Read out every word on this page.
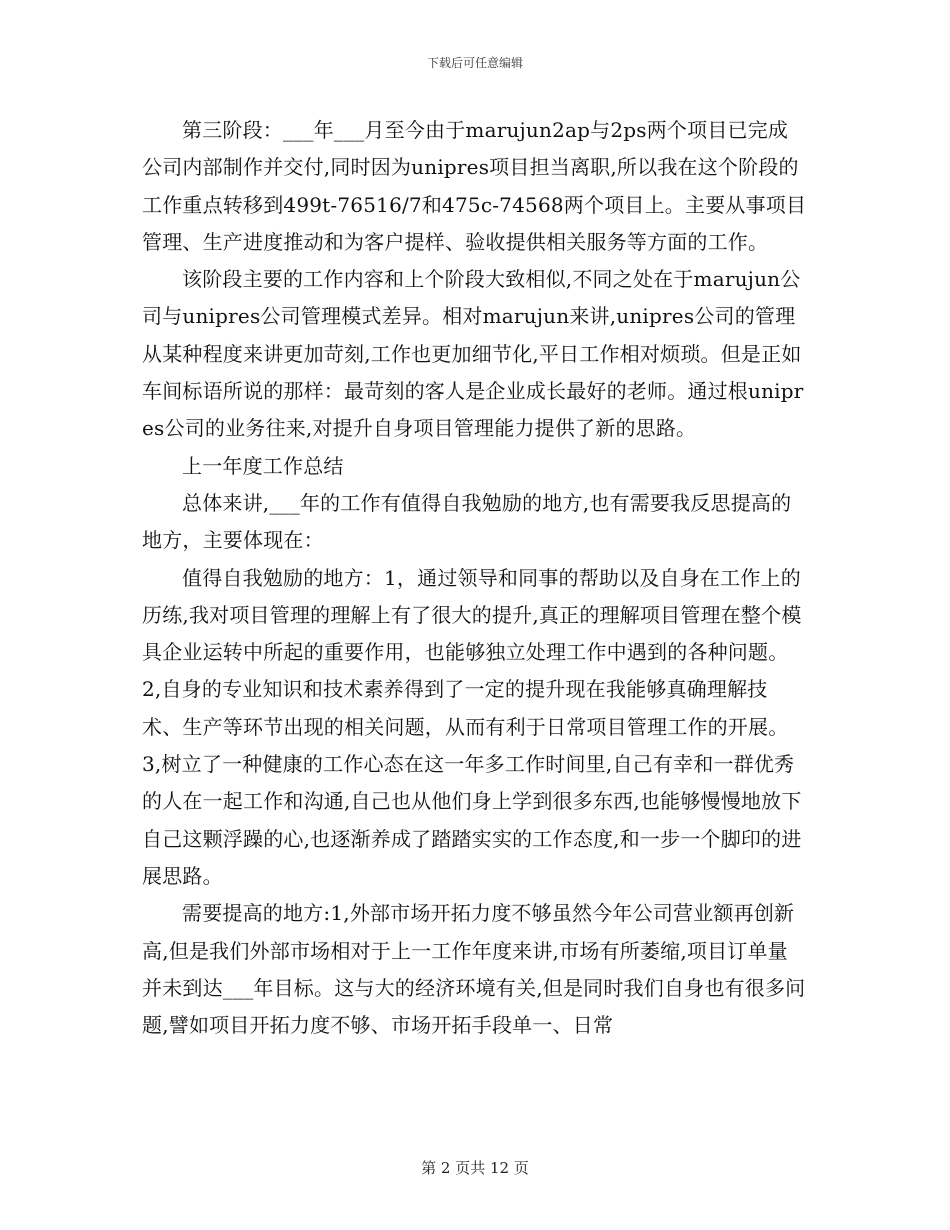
下载后可任意编辑

第三阶段：___年___月至今由于marujun2ap与2ps两个项目已完成公司内部制作并交付,同时因为unipres项目担当离职,所以我在这个阶段的工作重点转移到499t-76516/7和475c-74568两个项目上。主要从事项目管理、生产进度推动和为客户提样、验收提供相关服务等方面的工作。

该阶段主要的工作内容和上个阶段大致相似,不同之处在于marujun公司与unipres公司管理模式差异。相对marujun来讲,unipres公司的管理从某种程度来讲更加苛刻,工作也更加细节化,平日工作相对烦琐。但是正如车间标语所说的那样：最苛刻的客人是企业成长最好的老师。通过根unipres公司的业务往来,对提升自身项目管理能力提供了新的思路。

上一年度工作总结

总体来讲,___年的工作有值得自我勉励的地方,也有需要我反思提高的地方，主要体现在：

值得自我勉励的地方：1，通过领导和同事的帮助以及自身在工作上的历练,我对项目管理的理解上有了很大的提升,真正的理解项目管理在整个模具企业运转中所起的重要作用，也能够独立处理工作中遇到的各种问题。2,自身的专业知识和技术素养得到了一定的提升现在我能够真确理解技术、生产等环节出现的相关问题，从而有利于日常项目管理工作的开展。3,树立了一种健康的工作心态在这一年多工作时间里,自己有幸和一群优秀的人在一起工作和沟通,自己也从他们身上学到很多东西,也能够慢慢地放下自己这颗浮躁的心,也逐渐养成了踏踏实实的工作态度,和一步一个脚印的进展思路。

需要提高的地方:1,外部市场开拓力度不够虽然今年公司营业额再创新高,但是我们外部市场相对于上一工作年度来讲,市场有所萎缩,项目订单量并未到达___年目标。这与大的经济环境有关,但是同时我们自身也有很多问题,譬如项目开拓力度不够、市场开拓手段单一、日常

第 2 页共 12 页
